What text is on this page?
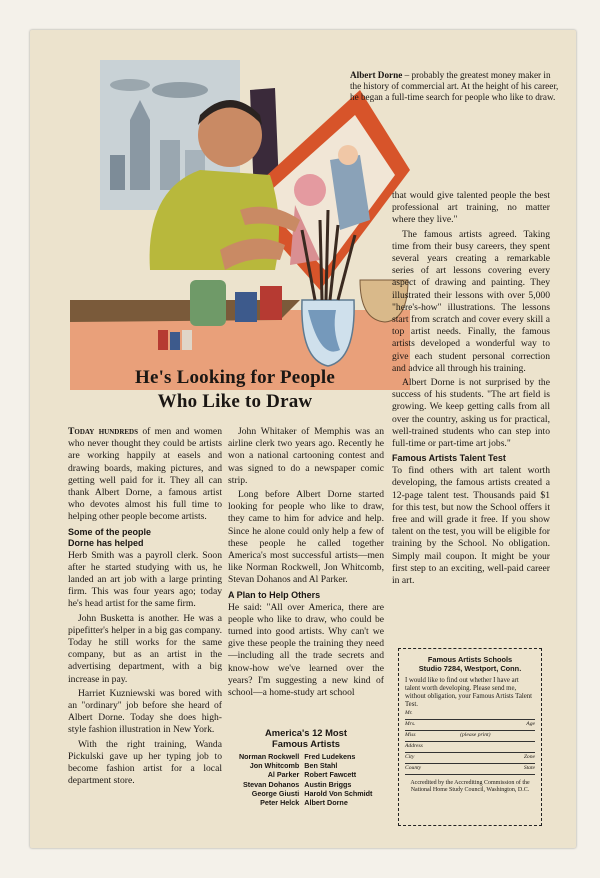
Albert Dorne – probably the greatest money maker in the history of commercial art. At the height of his career, he began a full-time search for people who like to draw.
He's Looking for People
Who Like to Draw

Today hundreds of men and women who never thought they could be artists are working happily at easels and drawing boards, making pictures, and getting well paid for it. They all can thank Albert Dorne, a famous artist who devotes almost his full time to helping other people become artists.

Some of the people
Dorne has helped

Herb Smith was a payroll clerk. Soon after he started studying with us, he landed an art job with a large printing firm. This was four years ago; today he's head artist for the same firm.

John Busketta is another. He was a pipefitter's helper in a big gas company. Today he still works for the same company, but as an artist in the advertising department, with a big increase in pay.

Harriet Kuzniewski was bored with an "ordinary" job before she heard of Albert Dorne. Today she does high-style fashion illustration in New York.

With the right training, Wanda Pickulski gave up her typing job to become fashion artist for a local department store.

John Whitaker of Memphis was an airline clerk two years ago. Recently he won a national cartooning contest and was signed to do a newspaper comic strip.

Long before Albert Dorne started looking for people who like to draw, they came to him for advice and help. Since he alone could only help a few of these people he called together America's most successful artists—men like Norman Rockwell, Jon Whitcomb, Stevan Dohanos and Al Parker.

A Plan to Help Others

He said: "All over America, there are people who like to draw, who could be turned into good artists. Why can't we give these people the training they need—including all the trade secrets and know-how we've learned over the years? I'm suggesting a new kind of school—a home-study art school

America's 12 Most
Famous Artists
Norman Rockwell	Fred Ludekens
Jon Whitcomb	Ben Stahl
Al Parker	Robert Fawcett
Stevan Dohanos	Austin Briggs
George Giusti	Harold Von Schmidt
Peter Helck	Albert Dorne

that would give talented people the best professional art training, no matter where they live."

The famous artists agreed. Taking time from their busy careers, they spent several years creating a remarkable series of art lessons covering every aspect of drawing and painting. They illustrated their lessons with over 5,000 "here's-how" illustrations. The lessons start from scratch and cover every skill a top artist needs. Finally, the famous artists developed a wonderful way to give each student personal correction and advice all through his training.

Albert Dorne is not surprised by the success of his students. "The art field is growing. We keep getting calls from all over the country, asking us for practical, well-trained students who can step into full-time or part-time art jobs."

Famous Artists Talent Test

To find others with art talent worth developing, the famous artists created a 12-page talent test. Thousands paid $1 for this test, but now the School offers it free and will grade it free. If you show talent on the test, you will be eligible for training by the School. No obligation. Simply mail coupon. It might be your first step to an exciting, well-paid career in art.

Famous Artists Schools
Studio 7284, Westport, Conn.
I would like to find out whether I have art talent worth developing. Please send me, without obligation, your Famous Artists Talent Test.
Mr.
Mrs.	Age
Miss	(please print)
Address
City	Zone
County	State
Accredited by the Accrediting Commission of the National Home Study Council, Washington, D.C.
